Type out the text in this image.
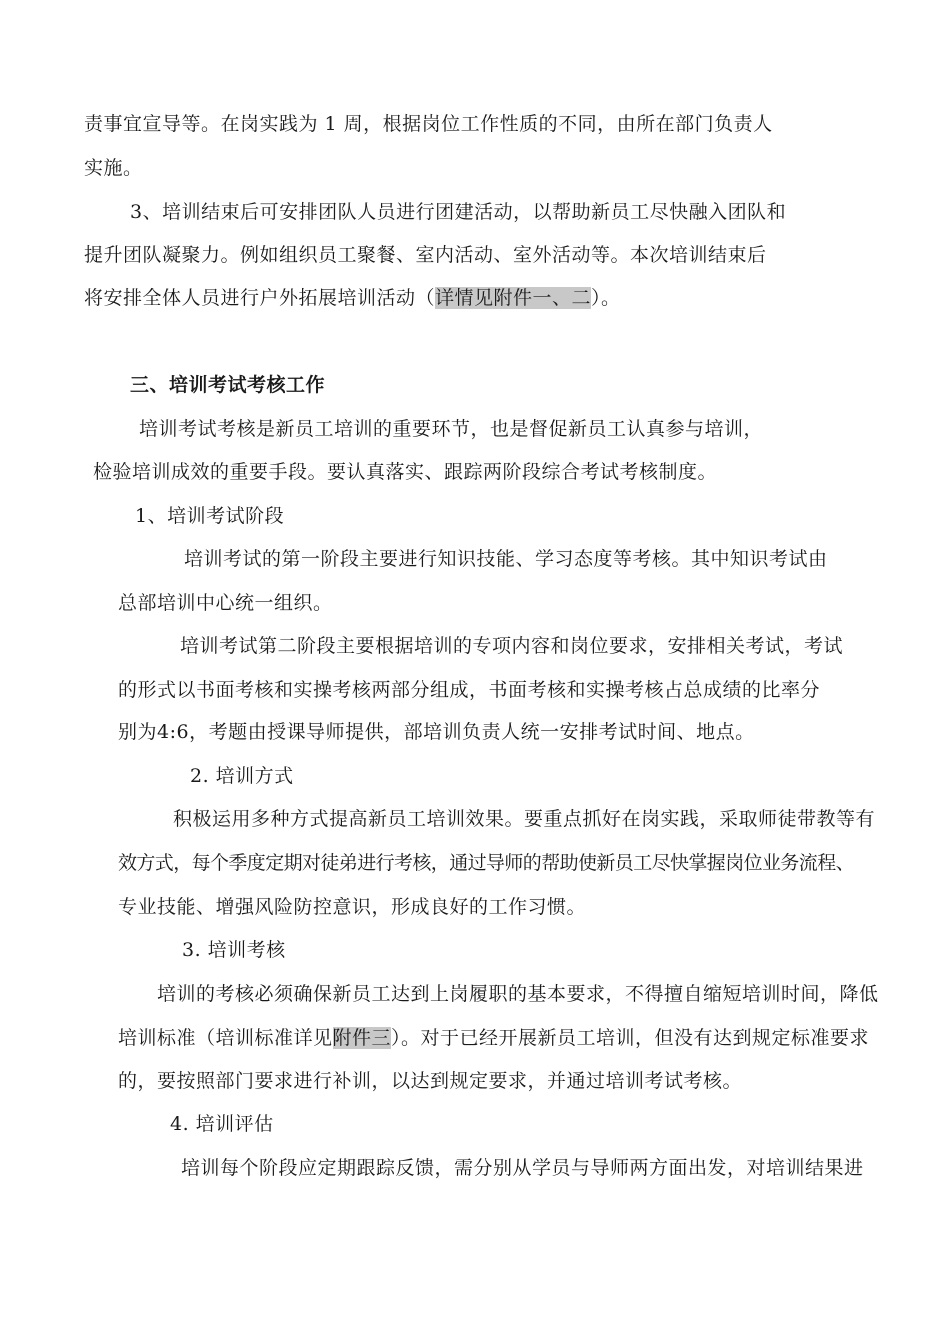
责事宜宣导等。在岗实践为 1 周，根据岗位工作性质的不同，由所在部门负责人
实施。
3、培训结束后可安排团队人员进行团建活动，以帮助新员工尽快融入团队和
提升团队凝聚力。例如组织员工聚餐、室内活动、室外活动等。本次培训结束后
将安排全体人员进行户外拓展培训活动（详情见附件一、二）。
三、培训考试考核工作
培训考试考核是新员工培训的重要环节，也是督促新员工认真参与培训，
检验培训成效的重要手段。要认真落实、跟踪两阶段综合考试考核制度。
1、培训考试阶段
培训考试的第一阶段主要进行知识技能、学习态度等考核。其中知识考试由
总部培训中心统一组织。
培训考试第二阶段主要根据培训的专项内容和岗位要求，安排相关考试，考试
的形式以书面考核和实操考核两部分组成，书面考核和实操考核占总成绩的比率分
别为4:6，考题由授课导师提供，部培训负责人统一安排考试时间、地点。
2. 培训方式
积极运用多种方式提高新员工培训效果。要重点抓好在岗实践，采取师徒带教等有
效方式，每个季度定期对徒弟进行考核，通过导师的帮助使新员工尽快掌握岗位业务流程、
专业技能、增强风险防控意识，形成良好的工作习惯。
3. 培训考核
培训的考核必须确保新员工达到上岗履职的基本要求，不得擅自缩短培训时间，降低
培训标准（培训标准详见附件三）。对于已经开展新员工培训，但没有达到规定标准要求
的，要按照部门要求进行补训，以达到规定要求，并通过培训考试考核。
4. 培训评估
培训每个阶段应定期跟踪反馈，需分别从学员与导师两方面出发，对培训结果进
